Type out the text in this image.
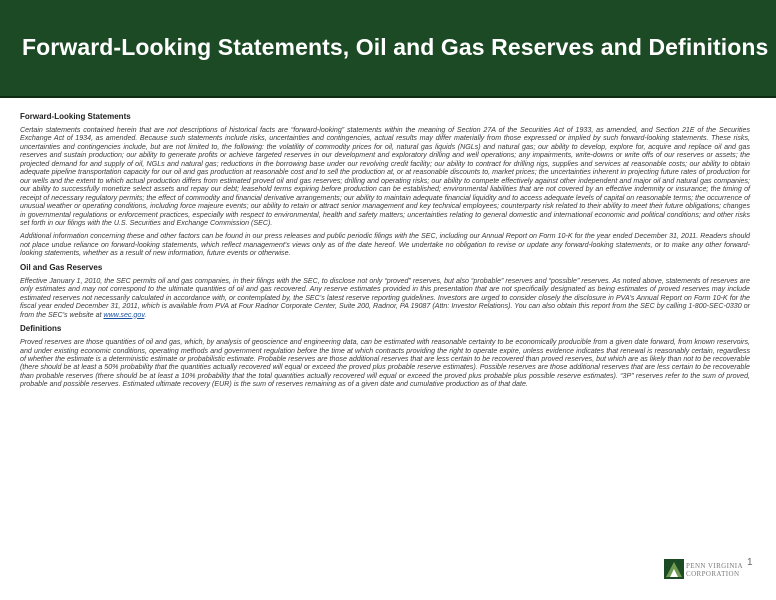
Forward-Looking Statements, Oil and Gas Reserves and Definitions

Forward-Looking Statements

Certain statements contained herein that are not descriptions of historical facts are “forward-looking” statements within the meaning of Section 27A of the Securities Act of 1933, as amended, and Section 21E of the Securities Exchange Act of 1934, as amended. Because such statements include risks, uncertainties and contingencies, actual results may differ materially from those expressed or implied by such forward-looking statements. These risks, uncertainties and contingencies include, but are not limited to, the following: the volatility of commodity prices for oil, natural gas liquids (NGLs) and natural gas; our ability to develop, explore for, acquire and replace oil and gas reserves and sustain production; our ability to generate profits or achieve targeted reserves in our development and exploratory drilling and well operations; any impairments, write-downs or write offs of our reserves or assets; the projected demand for and supply of oil, NGLs and natural gas; reductions in the borrowing base under our revolving credit facility; our ability to contract for drilling rigs, supplies and services at reasonable costs; our ability to obtain adequate pipeline transportation capacity for our oil and gas production at reasonable cost and to sell the production at, or at reasonable discounts to, market prices; the uncertainties inherent in projecting future rates of production for our wells and the extent to which actual production differs from estimated proved oil and gas reserves; drilling and operating risks; our ability to compete effectively against other independent and major oil and natural gas companies; our ability to successfully monetize select assets and repay our debt; leasehold terms expiring before production can be established; environmental liabilities that are not covered by an effective indemnity or insurance; the timing of receipt of necessary regulatory permits; the effect of commodity and financial derivative arrangements; our ability to maintain adequate financial liquidity and to access adequate levels of capital on reasonable terms; the occurrence of unusual weather or operating conditions, including force majeure events; our ability to retain or attract senior management and key technical employees; counterparty risk related to their ability to meet their future obligations; changes in governmental regulations or enforcement practices, especially with respect to environmental, health and safety matters; uncertainties relating to general domestic and international economic and political conditions; and other risks set forth in our filings with the U.S. Securities and Exchange Commission (SEC).

Additional information concerning these and other factors can be found in our press releases and public periodic filings with the SEC, including our Annual Report on Form 10-K for the year ended December 31, 2011. Readers should not place undue reliance on forward-looking statements, which reflect management’s views only as of the date hereof. We undertake no obligation to revise or update any forward-looking statements, or to make any other forward-looking statements, whether as a result of new information, future events or otherwise.

Oil and Gas Reserves

Effective January 1, 2010, the SEC permits oil and gas companies, in their filings with the SEC, to disclose not only “proved” reserves, but also “probable” reserves and “possible” reserves. As noted above, statements of reserves are only estimates and may not correspond to the ultimate quantities of oil and gas recovered. Any reserve estimates provided in this presentation that are not specifically designated as being estimates of proved reserves may include estimated reserves not necessarily calculated in accordance with, or contemplated by, the SEC’s latest reserve reporting guidelines. Investors are urged to consider closely the disclosure in PVA’s Annual Report on Form 10-K for the fiscal year ended December 31, 2011, which is available from PVA at Four Radnor Corporate Center, Suite 200, Radnor, PA 19087 (Attn: Investor Relations). You can also obtain this report from the SEC by calling 1-800-SEC-0330 or from the SEC’s website at www.sec.gov.

Definitions

Proved reserves are those quantities of oil and gas, which, by analysis of geoscience and engineering data, can be estimated with reasonable certainty to be economically producible from a given date forward, from known reservoirs, and under existing economic conditions, operating methods and government regulation before the time at which contracts providing the right to operate expire, unless evidence indicates that renewal is reasonably certain, regardless of whether the estimate is a deterministic estimate or probabilistic estimate. Probable reserves are those additional reserves that are less certain to be recovered than proved reserves, but which are as likely than not to be recoverable (there should be at least a 50% probability that the quantities actually recovered will equal or exceed the proved plus probable reserve estimates). Possible reserves are those additional reserves that are less certain to be recoverable than probable reserves (there should be at least a 10% probability that the total quantities actually recovered will equal or exceed the proved plus probable plus possible reserve estimates). “3P” reserves refer to the sum of proved, probable and possible reserves. Estimated ultimate recovery (EUR) is the sum of reserves remaining as of a given date and cumulative production as of that date.

PENN VIRGINIA
CORPORATION
1
